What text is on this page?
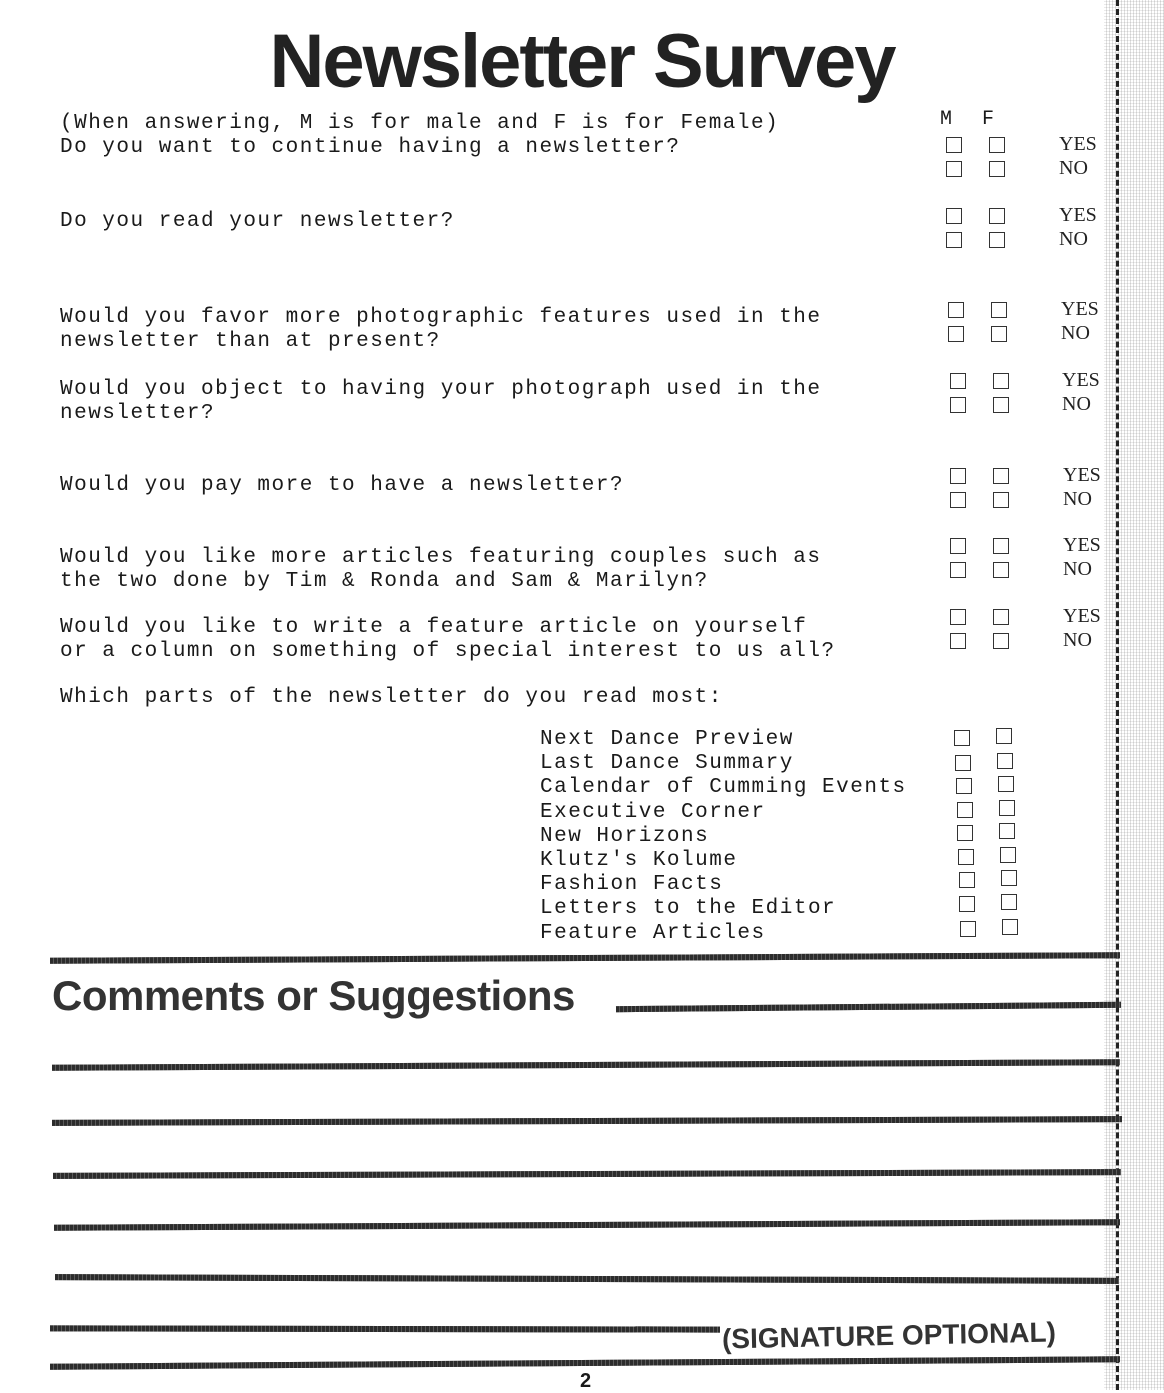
Newsletter Survey
M F
(When answering, M is for male and F is for Female)
Do you want to continue having a newsletter?
Do you read your newsletter?
Would you favor more photographic features used in the
newsletter than at present?
Would you object to having your photograph used in the
newsletter?
Would you pay more to have a newsletter?
Would you like more articles featuring couples such as
the two done by Tim & Ronda and Sam & Marilyn?
Would you like to write a feature article on yourself
or a column on something of special interest to us all?
Which parts of the newsletter do you read most:
YES
NO
YES
NO
YES
NO
YES
NO
YES
NO
YES
NO
YES
NO
Next Dance Preview
Last Dance Summary
Calendar of Cumming Events
Executive Corner
New Horizons
Klutz's Kolume
Fashion Facts
Letters to the Editor
Feature Articles
Comments or Suggestions
(SIGNATURE OPTIONAL)
2
